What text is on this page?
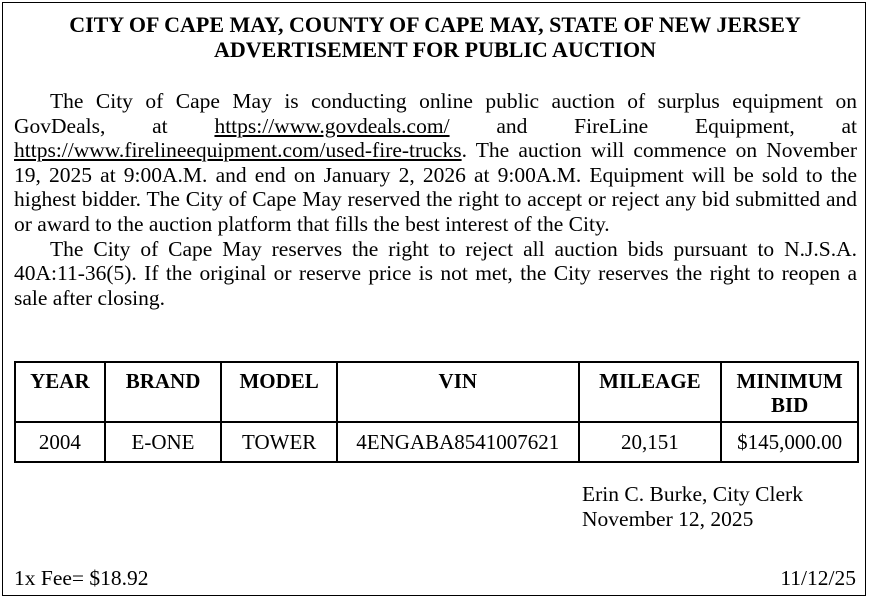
CITY OF CAPE MAY, COUNTY OF CAPE MAY, STATE OF NEW JERSEY
ADVERTISEMENT FOR PUBLIC AUCTION

The City of Cape May is conducting online public auction of surplus equipment on GovDeals, at https://www.govdeals.com/ and FireLine Equipment, at https://www.firelineequipment.com/used-fire-trucks. The auction will commence on November 19, 2025 at 9:00A.M. and end on January 2, 2026 at 9:00A.M. Equipment will be sold to the highest bidder. The City of Cape May reserved the right to accept or reject any bid submitted and or award to the auction platform that fills the best interest of the City.

The City of Cape May reserves the right to reject all auction bids pursuant to N.J.S.A. 40A:11-36(5). If the original or reserve price is not met, the City reserves the right to reopen a sale after closing.

YEAR	BRAND	MODEL	VIN	MILEAGE	MINIMUM BID
2004	E-ONE	TOWER	4ENGABA8541007621	20,151	$145,000.00
Erin C. Burke, City Clerk
November 12, 2025
1x Fee= $18.92	11/12/25
